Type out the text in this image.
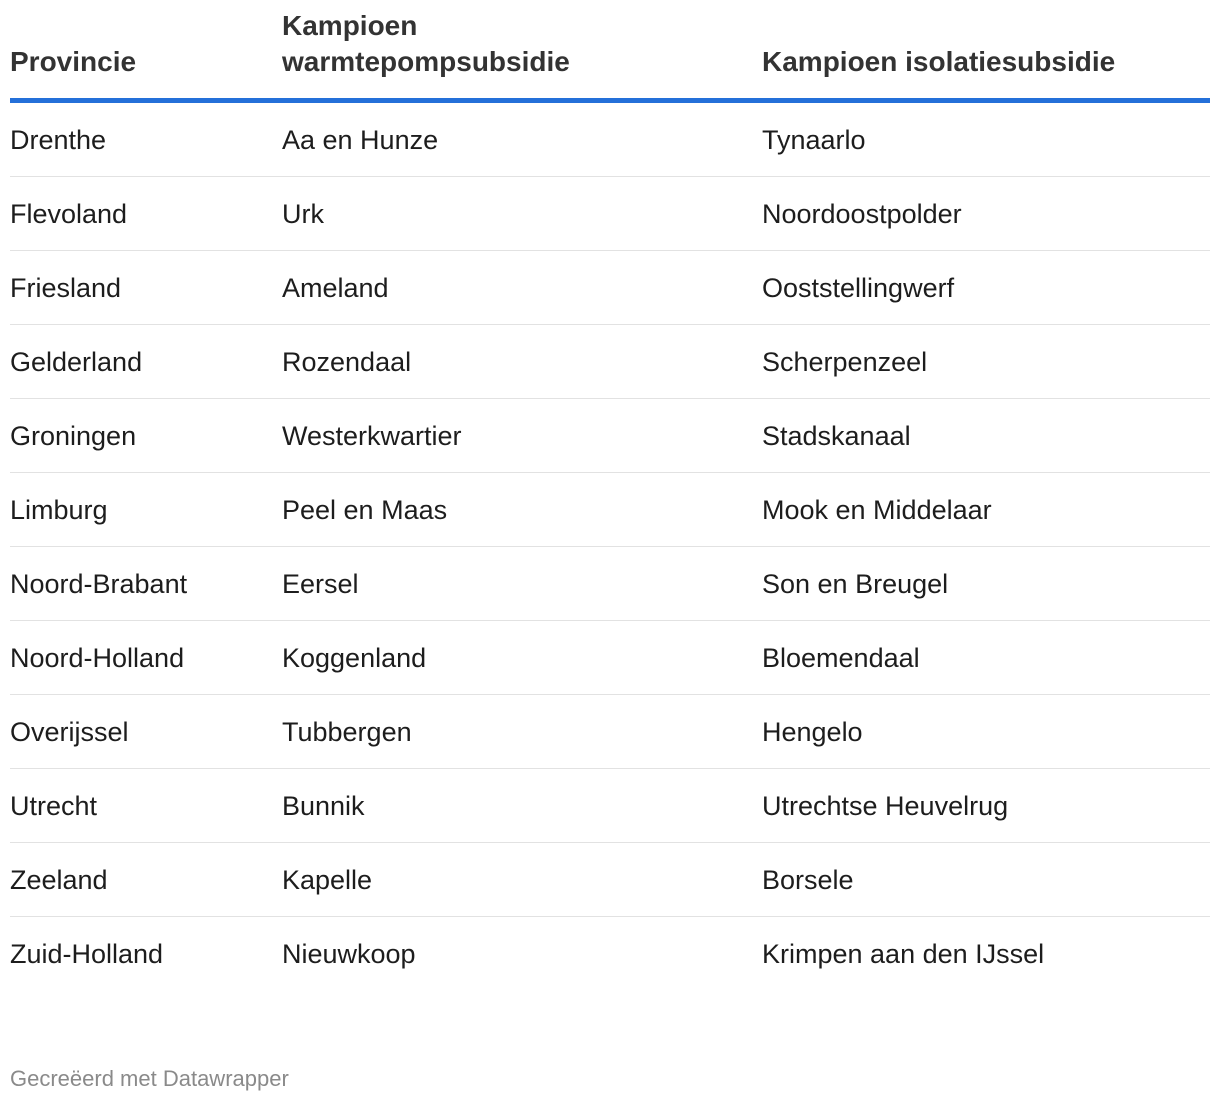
Provincie	Kampioen warmtepompsubsidie	Kampioen isolatiesubsidie
Drenthe	Aa en Hunze	Tynaarlo
Flevoland	Urk	Noordoostpolder
Friesland	Ameland	Ooststellingwerf
Gelderland	Rozendaal	Scherpenzeel
Groningen	Westerkwartier	Stadskanaal
Limburg	Peel en Maas	Mook en Middelaar
Noord-Brabant	Eersel	Son en Breugel
Noord-Holland	Koggenland	Bloemendaal
Overijssel	Tubbergen	Hengelo
Utrecht	Bunnik	Utrechtse Heuvelrug
Zeeland	Kapelle	Borsele
Zuid-Holland	Nieuwkoop	Krimpen aan den IJssel
Gecreëerd met Datawrapper
